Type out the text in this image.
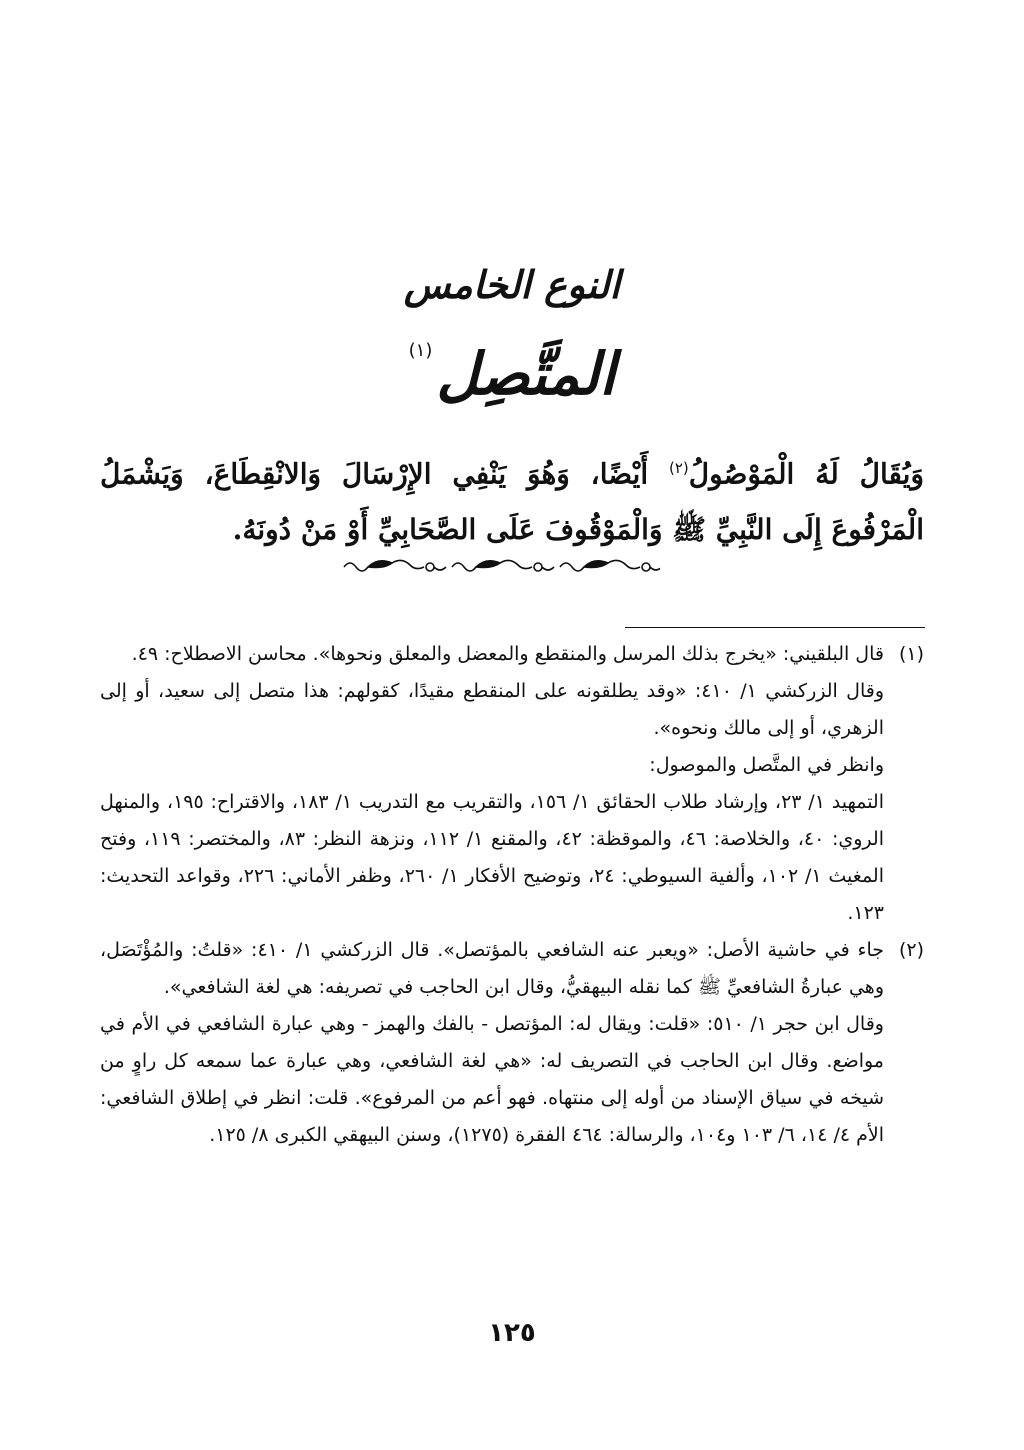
النوع الخامس
المتَّصِل(١)
وَيُقَالُ لَهُ الْمَوْصُولُ$^{(٢)}$ أَيْضًا، وَهُوَ يَنْفِي الإِرْسَالَ وَالانْقِطَاعَ، وَيَشْمَلُ الْمَرْفُوعَ إِلَى النَّبِيِّ ﷺ وَالْمَوْقُوفَ عَلَى الصَّحَابِيِّ أَوْ مَنْ دُونَهُ.
(١)

قال البلقيني: «يخرج بذلك المرسل والمنقطع والمعضل والمعلق ونحوها». محاسن الاصطلاح: ٤٩.

وقال الزركشي ١/ ٤١٠: «وقد يطلقونه على المنقطع مقيدًا، كقولهم: هذا متصل إلى سعيد، أو إلى الزهري، أو إلى مالك ونحوه».

وانظر في المتَّصل والموصول:

التمهيد ١/ ٢٣، وإرشاد طلاب الحقائق ١/ ١٥٦، والتقريب مع التدريب ١/ ١٨٣، والاقتراح: ١٩٥، والمنهل الروي: ٤٠، والخلاصة: ٤٦، والموقظة: ٤٢، والمقنع ١/ ١١٢، ونزهة النظر: ٨٣، والمختصر: ١١٩، وفتح المغيث ١/ ١٠٢، وألفية السيوطي: ٢٤، وتوضيح الأفكار ١/ ٢٦٠، وظفر الأماني: ٢٢٦، وقواعد التحديث: ١٢٣.

(٢)

جاء في حاشية الأصل: «ويعبر عنه الشافعي بالمؤتصل». قال الزركشي ١/ ٤١٠: «قلتُ: والمُؤْتَصَل، وهي عبارةُ الشافعيِّ ﷺ كما نقله البيهقيُّ، وقال ابن الحاجب في تصريفه: هي لغة الشافعي».

وقال ابن حجر ١/ ٥١٠: «قلت: ويقال له: المؤتصل - بالفك والهمز - وهي عبارة الشافعي في الأم في مواضع. وقال ابن الحاجب في التصريف له: «هي لغة الشافعي، وهي عبارة عما سمعه كل راوٍ من شيخه في سياق الإسناد من أوله إلى منتهاه. فهو أعم من المرفوع». قلت: انظر في إطلاق الشافعي: الأم ٤/ ١٤، ٦/ ١٠٣ و١٠٤، والرسالة: ٤٦٤ الفقرة (١٢٧٥)، وسنن البيهقي الكبرى ٨/ ١٢٥.

١٢٥
